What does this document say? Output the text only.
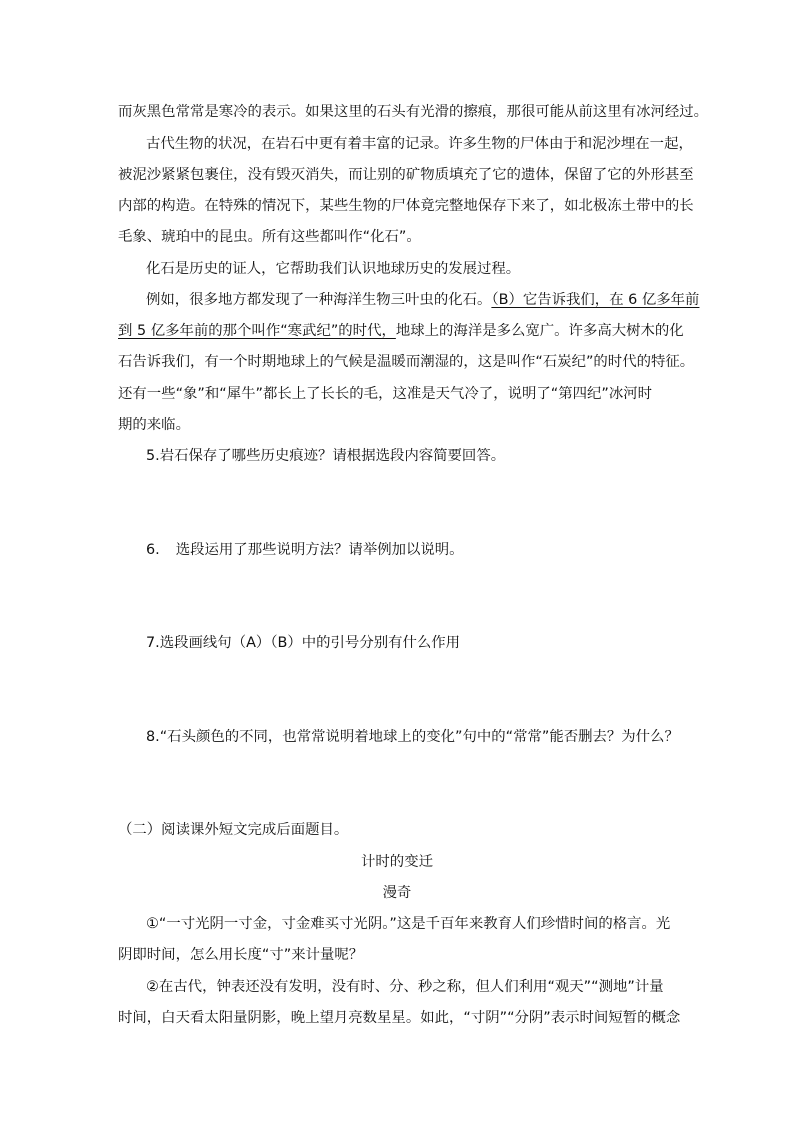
而灰黑色常常是寒冷的表示。如果这里的石头有光滑的擦痕，那很可能从前这里有冰河经过。
古代生物的状况，在岩石中更有着丰富的记录。许多生物的尸体由于和泥沙埋在一起，
被泥沙紧紧包裹住，没有毁灭消失，而让别的矿物质填充了它的遗体，保留了它的外形甚至
内部的构造。在特殊的情况下，某些生物的尸体竟完整地保存下来了，如北极冻土带中的长
毛象、琥珀中的昆虫。所有这些都叫作“化石”。
化石是历史的证人，它帮助我们认识地球历史的发展过程。
例如，很多地方都发现了一种海洋生物三叶虫的化石。（B）它告诉我们，在 6 亿多年前
到 5 亿多年前的那个叫作“寒武纪”的时代，地球上的海洋是多么宽广。许多高大树木的化
石告诉我们，有一个时期地球上的气候是温暖而潮湿的，这是叫作“石炭纪”的时代的特征。
还有一些“象”和“犀牛”都长上了长长的毛，这准是天气冷了，说明了“第四纪”冰河时
期的来临。
5.岩石保存了哪些历史痕迹？请根据选段内容简要回答。
6. 选段运用了那些说明方法？请举例加以说明。
7.选段画线句（A）（B）中的引号分别有什么作用
8.“石头颜色的不同，也常常说明着地球上的变化”句中的“常常”能否删去？为什么？
（二）阅读课外短文完成后面题目。
计时的变迁
漫奇
①“一寸光阴一寸金，寸金难买寸光阴。”这是千百年来教育人们珍惜时间的格言。光
阴即时间，怎么用长度“寸”来计量呢？
②在古代，钟表还没有发明，没有时、分、秒之称，但人们利用“观天”“测地”计量
时间，白天看太阳量阴影，晚上望月亮数星星。如此，“寸阴”“分阴”表示时间短暂的概念
